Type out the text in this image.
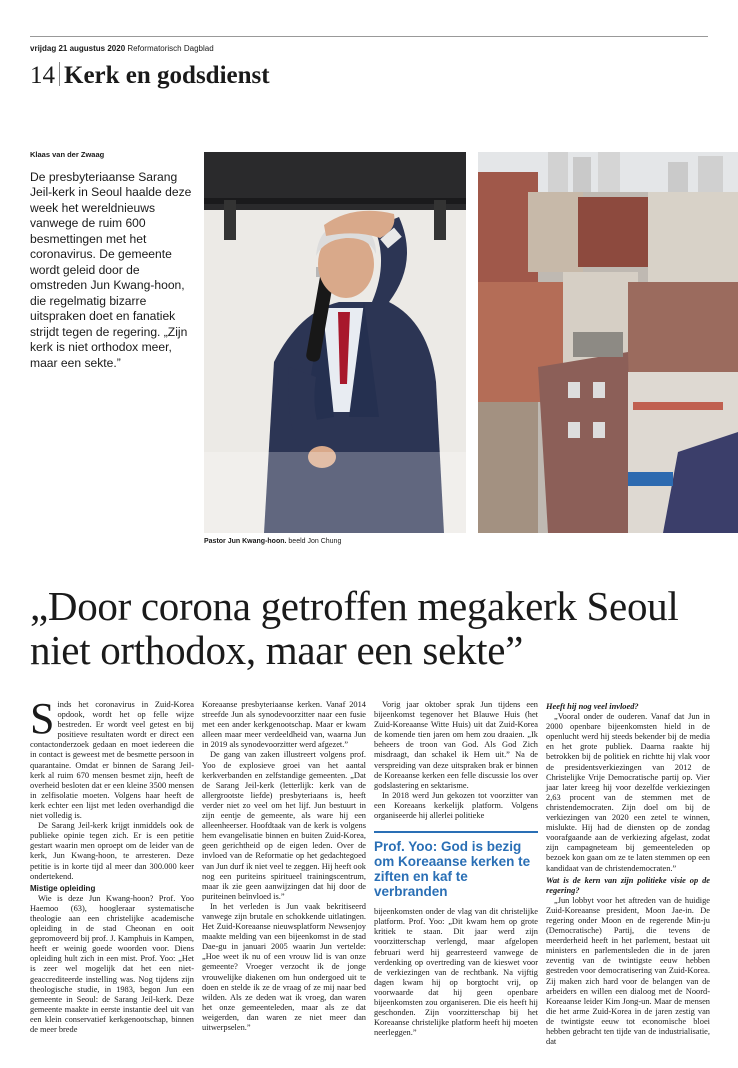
vrijdag 21 augustus 2020 Reformatorisch Dagblad
14 Kerk en godsdienst
Klaas van der Zwaag
De presbyteriaanse Sarang Jeil-kerk in Seoul haalde deze week het wereldnieuws vanwege de ruim 600 besmettingen met het coronavirus. De gemeente wordt geleid door de omstreden Jun Kwang-hoon, die regelmatig bizarre uitspraken doet en fanatiek strijdt tegen de regering. „Zijn kerk is niet orthodox meer, maar een sekte.”
Pastor Jun Kwang-hoon. beeld Jon Chung
„Door corona getroffen megakerk Seoul niet orthodox, maar een sekte”

Sinds het coronavirus in Zuid-Korea opdook, wordt het op felle wijze bestreden. Er wordt veel getest en bij positieve resultaten wordt er direct een contactonderzoek gedaan en moet iedereen die in contact is geweest met de besmette persoon in quarantaine. Omdat er binnen de Sarang Jeil-kerk al ruim 670 mensen besmet zijn, heeft de overheid besloten dat er een kleine 3500 mensen in zelfisolatie moeten. Volgens haar heeft de kerk echter een lijst met leden overhandigd die niet volledig is.

De Sarang Jeil-kerk krijgt inmiddels ook de publieke opinie tegen zich. Er is een petitie gestart waarin men oproept om de leider van de kerk, Jun Kwang-hoon, te arresteren. Deze petitie is in korte tijd al meer dan 300.000 keer ondertekend.

Mistige opleiding

Wie is deze Jun Kwang-hoon? Prof. Yoo Haemoo (63), hoogleraar systematische theologie aan een christelijke academische opleiding in de stad Cheonan en ooit gepromoveerd bij prof. J. Kamphuis in Kampen, heeft er weinig goede woorden voor. Diens opleiding hult zich in een mist. Prof. Yoo: „Het is zeer wel mogelijk dat het een niet-geaccrediteerde instelling was. Nog tijdens zijn theologische studie, in 1983, begon Jun een gemeente in Seoul: de Sarang Jeil-kerk. Deze gemeente maakte in eerste instantie deel uit van een klein conservatief kerkgenootschap, binnen de meer brede

Koreaanse presbyteriaanse kerken. Vanaf 2014 streefde Jun als synodevoorzitter naar een fusie met een ander kerkgenootschap. Maar er kwam alleen maar meer verdeeldheid van, waarna Jun in 2019 als synodevoorzitter werd afgezet.”

De gang van zaken illustreert volgens prof. Yoo de explosieve groei van het aantal kerkverbanden en zelfstandige gemeenten. „Dat de Sarang Jeil-kerk (letterlijk: kerk van de allergrootste liefde) presbyteriaans is, heeft verder niet zo veel om het lijf. Jun bestuurt in zijn eentje de gemeente, als ware hij een alleenheerser. Hoofdtaak van de kerk is volgens hem evangelisatie binnen en buiten Zuid-Korea, geen gerichtheid op de eigen leden. Over de invloed van de Reformatie op het gedachtegoed van Jun durf ik niet veel te zeggen. Hij heeft ook nog een puriteins spiritueel trainingscentrum, maar ik zie geen aanwijzingen dat hij door de puriteinen beïnvloed is.”

In het verleden is Jun vaak bekritiseerd vanwege zijn brutale en schokkende uitlatingen. Het Zuid-Koreaanse nieuwsplatform Newsenjoy maakte melding van een bijeenkomst in de stad Dae-gu in januari 2005 waarin Jun vertelde: „Hoe weet ik nu of een vrouw lid is van onze gemeente? Vroeger verzocht ik de jonge vrouwelijke diakenen om hun ondergoed uit te doen en stelde ik ze de vraag of ze mij naar bed wilden. Als ze deden wat ik vroeg, dan waren het onze gemeenteleden, maar als ze dat weigerden, dan waren ze niet meer dan uitwerpselen.”

Vorig jaar oktober sprak Jun tijdens een bijeenkomst tegenover het Blauwe Huis (het Zuid-Koreaanse Witte Huis) uit dat Zuid-Korea de komende tien jaren om hem zou draaien. „Ik beheers de troon van God. Als God Zich misdraagt, dan schakel ik Hem uit.” Na de verspreiding van deze uitspraken brak er binnen de Koreaanse kerken een felle discussie los over godslastering en sektarisme.

In 2018 werd Jun gekozen tot voorzitter van een Koreaans kerkelijk platform. Volgens organiseerde hij allerlei politieke

Prof. Yoo: God is bezig om Koreaanse kerken te ziften en kaf te verbranden

bijeenkomsten onder de vlag van dit christelijke platform. Prof. Yoo: „Dit kwam hem op grote kritiek te staan. Dit jaar werd zijn voorzitterschap verlengd, maar afgelopen februari werd hij gearresteerd vanwege de verdenking op overtreding van de kieswet voor de verkiezingen van de rechtbank. Na vijftig dagen kwam hij op borgtocht vrij, op voorwaarde dat hij geen openbare bijeenkomsten zou organiseren. Die eis heeft hij geschonden. Zijn voorzitterschap bij het Koreaanse christelijke platform heeft hij moeten neerleggen.”

Heeft hij nog veel invloed?

„Vooral onder de ouderen. Vanaf dat Jun in 2000 openbare bijeenkomsten hield in de openlucht werd hij steeds bekender bij de media en het grote publiek. Daarna raakte hij betrokken bij de politiek en richtte hij vlak voor de presidentsverkiezingen van 2012 de Christelijke Vrije Democratische partij op. Vier jaar later kreeg hij voor dezelfde verkiezingen 2,63 procent van de stemmen met de christendemocraten. Zijn doel om bij de verkiezingen van 2020 een zetel te winnen, mislukte. Hij had de diensten op de zondag voorafgaande aan de verkiezing afgelast, zodat zijn campagneteam bij gemeenteleden op bezoek kon gaan om ze te laten stemmen op een kandidaat van de christendemocraten.”

Wat is de kern van zijn politieke visie op de regering?

„Jun lobbyt voor het aftreden van de huidige Zuid-Koreaanse president, Moon Jae-in. De regering onder Moon en de regerende Min-ju (Democratische) Partij, die tevens de meerderheid heeft in het parlement, bestaat uit ministers en parlementsleden die in de jaren zeventig van de twintigste eeuw hebben gestreden voor democratisering van Zuid-Korea. Zij maken zich hard voor de belangen van de arbeiders en willen een dialoog met de Noord-Koreaanse leider Kim Jong-un. Maar de mensen die het arme Zuid-Korea in de jaren zestig van de twintigste eeuw tot economische bloei hebben gebracht ten tijde van de industrialisatie, dat
